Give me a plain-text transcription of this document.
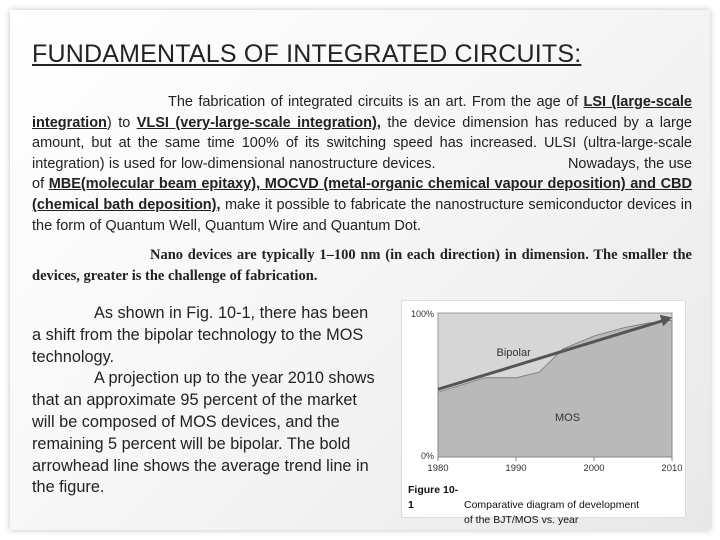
FUNDAMENTALS OF INTEGRATED CIRCUITS:
The fabrication of integrated circuits is an art. From the age of LSI (large-scale integration) to VLSI (very-large-scale integration), the device dimension has reduced by a large amount, but at the same time 100% of its switching speed has increased. ULSI (ultra-large-scale integration) is used for low-dimensional nanostructure devices.	Nowadays, the use of MBE(molecular beam epitaxy), MOCVD (metal-organic chemical vapour deposition) and CBD (chemical bath deposition), make it possible to fabricate the nanostructure semiconductor devices in the form of Quantum Well, Quantum Wire and Quantum Dot.
Nano devices are typically 1–100 nm (in each direction) in dimension. The smaller the devices, greater is the challenge of fabrication.
As shown in Fig. 10-1, there has been a shift from the bipolar technology to the MOS technology.
A projection up to the year 2010 shows that an approximate 95 percent of the market will be composed of MOS devices, and the remaining 5 percent will be bipolar. The bold arrowhead line shows the average trend line in the figure.
Bipolar
MOS
100%
0%
1980	1990	2000	2010
Figure 10-1	Comparative diagram of development
of the BJT/MOS vs. year
